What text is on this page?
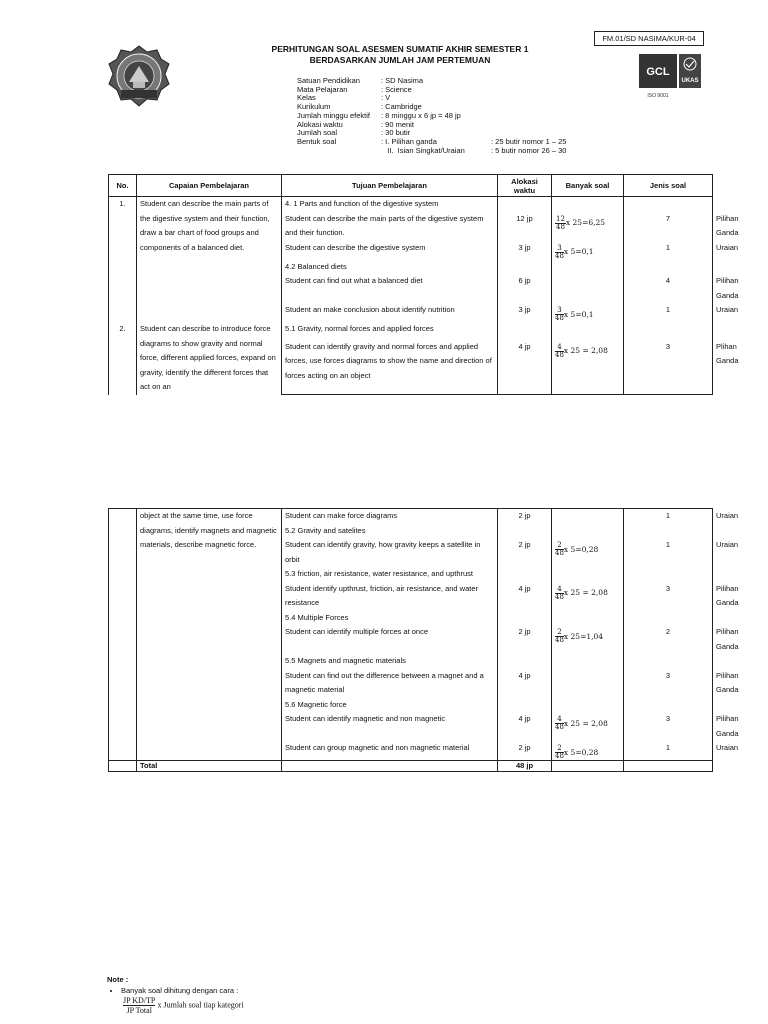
FM.01/SD NASIMA/KUR-04
GCL
UKAS
ISO 9001
PERHITUNGAN SOAL ASESMEN SUMATIF AKHIR SEMESTER 1
BERDASARKAN JUMLAH JAM PERTEMUAN
Satuan Pendidikan	: SD Nasima
Mata Pelajaran	: Science
Kelas	: V
Kurikulum	: Cambridge
Jumlah minggu efektif	: 8 minggu x 6 jp = 48 jp
Alokasi waktu	: 90 menit
Jumlah soal	: 30 butir
Bentuk soal	: I. Pilihan ganda	: 25 butir nomor 1 – 25
II.  Isian Singkat/Uraian	: 5 butir nomor 26 – 30
No.	Capaian Pembelajaran	Tujuan Pembelajaran	Alokasi waktu	Banyak soal	Jenis soal	
1.	Student can describe the main parts of the digestive system and their function, draw a bar chart of food groups and components of a balanced diet.	4. 1 Parts and function of the digestive system				
		Student can describe the main parts of the digestive system and their function.	12 jp	$\frac{12}{48}$ x 25=6,25	7	Pilihan Ganda
		Student can describe the digestive system	3 jp	$\frac{3}{48}$ x 5=0,1	1	Uraian
		4.2 Balanced diets				
		Student can find out what a balanced diet	6 jp		4	Pilihan Ganda
		Student an make conclusion about identify nutrition	3 jp	$\frac{3}{48}$ x 5=0,1	1	Uraian
2.	Student can describe to introduce force diagrams to show gravity and normal force, different applied forces, expand on gravity, identify the different forces that act on an	5.1 Gravity, normal forces and applied forces				
		Student can identify gravity and normal forces and applied forces, use forces diagrams to show the name and direction of forces acting on an object	4 jp	$\frac{4}{48}$ x 25 = 2,08	3	Plihan Ganda
	object at the same time, use force diagrams, identify magnets and magnetic materials, describe magnetic force.	Student can make force diagrams	2 jp		1	Uraian
		5.2 Gravity and satelites				
		Student can identify gravity, how gravity keeps a satellite in orbit	2 jp	$\frac{2}{48}$ x 5=0,28	1	Uraian
		5.3 friction, air resistance, water resistance, and upthrust				
		Student identify upthrust, friction, air resistance, and water resistance	4 jp	$\frac{4}{48}$ x 25 = 2,08	3	Pilihan Ganda
		5.4 Multiple Forces				
		Student can identify multiple forces at once	2 jp	$\frac{2}{48}$ x 25=1,04	2	Pilihan Ganda
		5.5 Magnets and magnetic materials				
		Student can find out the difference between a magnet and a magnetic material	4 jp		3	Pilihan Ganda
		5.6 Magnetic force				
		Student can identify magnetic and non magnetic	4 jp	$\frac{4}{48}$ x 25 = 2,08	3	Pilihan Ganda
		Student can group magnetic and non magnetic material	2 jp	$\frac{2}{48}$ x 5=0,28	1	Uraian
	Total		48 jp			
Note :
• Banyak soal dihitung dengan cara :
$\frac{\text{JP KD/TP}}{\text{JP Total}}$ x Jumlah soal tiap kategori
